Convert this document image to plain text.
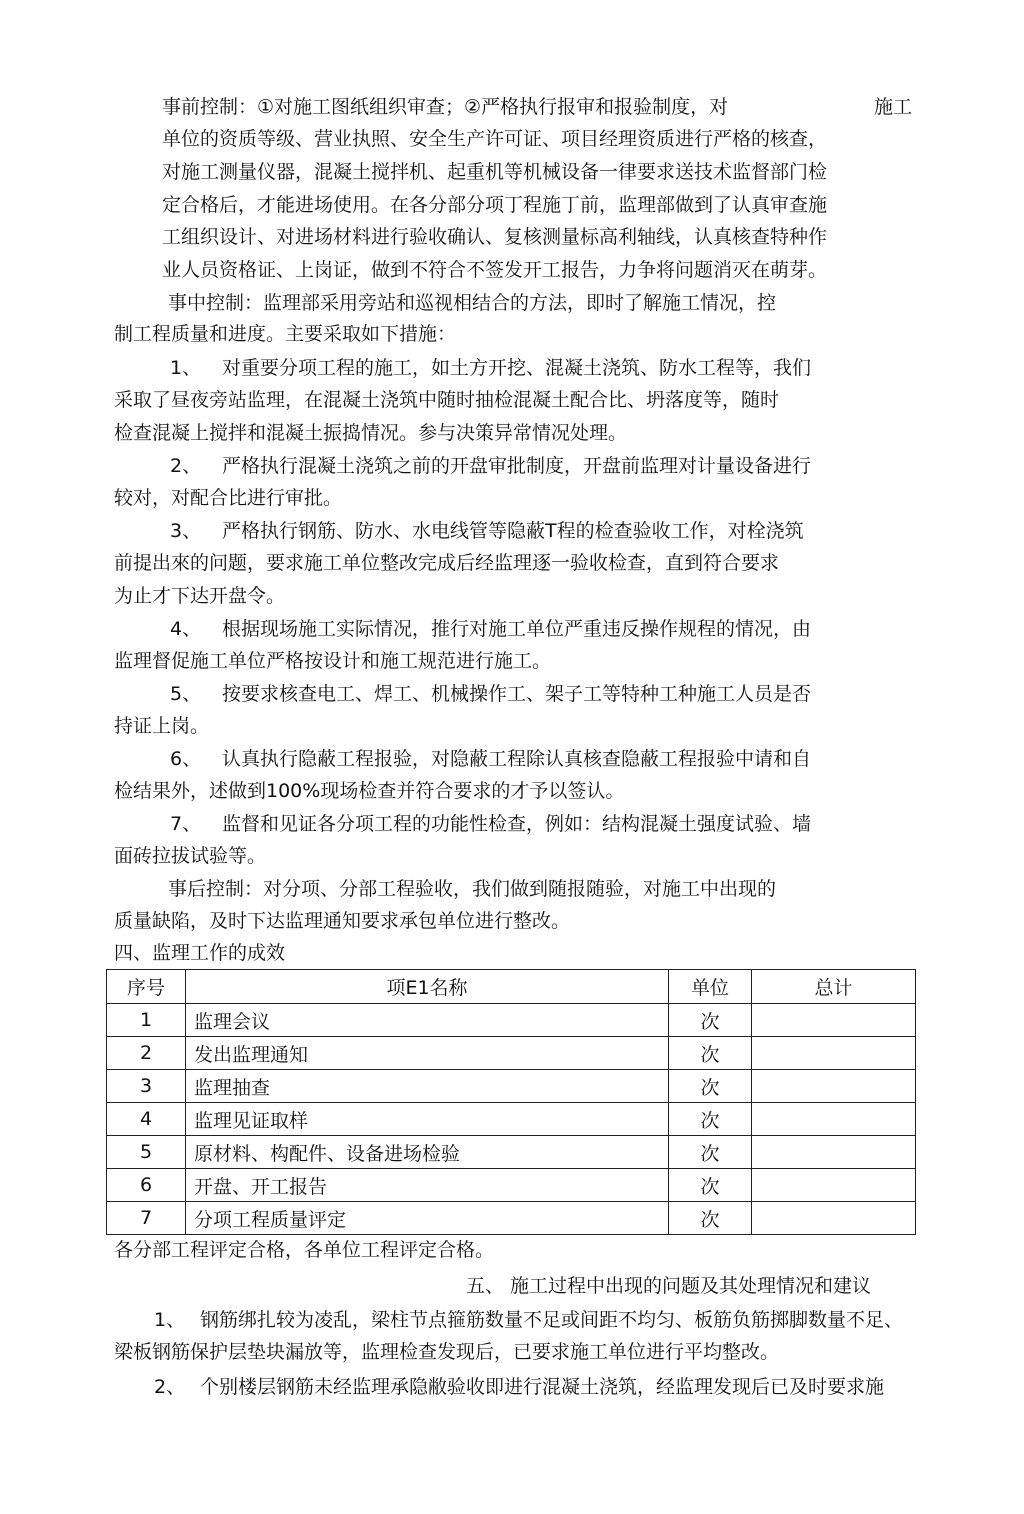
事前控制：①对施工图纸组织审查；②严格执行报审和报验制度，对	施工
单位的资质等级、营业执照、安全生产许可证、项目经理资质进行严格的核查，
对施工测量仪器，混凝土搅拌机、起重机等机械设备一律要求送技术监督部门检
定合格后，才能进场使用。在各分部分项丁程施丁前，监理部做到了认真审查施
工组织设计、对进场材料进行验收确认、复核测量标高利轴线，认真核查特种作
业人员资格证、上岗证，做到不符合不签发开工报告，力争将问题消灭在萌芽。
事中控制：监理部采用旁站和巡视相结合的方法，即时了解施工情况，控
制工程质量和进度。主要采取如下措施：
1、 对重要分项工程的施工，如土方开挖、混凝土浇筑、防水工程等，我们
采取了昼夜旁站监理，在混凝土浇筑中随时抽检混凝土配合比、坍落度等，随时
检查混凝上搅拌和混凝土振捣情况。参与决策异常情况处理。
2、 严格执行混凝土浇筑之前的开盘审批制度，开盘前监理对计量设备进行
较对，对配合比进行审批。
3、 严格执行钢筋、防水、水电线管等隐蔽T程的检查验收工作，对栓浇筑
前提出來的问题，要求施工单位整改完成后经监理逐一验收检查，直到符合要求
为止才下达开盘令。
4、 根据现场施工实际情况，推行对施工单位严重违反操作规程的情况，由
监理督促施工单位严格按设计和施工规范进行施工。
5、 按要求核查电工、焊工、机械操作工、架子工等特种工种施工人员是否
持证上岗。
6、 认真执行隐蔽工程报验，对隐蔽工程除认真核查隐蔽工程报验中请和自
检结果外，述做到100%现场检查并符合要求的才予以签认。
7、 监督和见证各分项工程的功能性检查，例如：结构混凝土强度试验、墙
面砖拉拔试验等。
事后控制：对分项、分部工程验收，我们做到随报随验，对施工中出现的
质量缺陷，及时下达监理通知要求承包单位进行整改。
四、监理工作的成效
序号	项E1名称	单位	总计
1	监理会议	次	
2	发出监理通知	次	
3	监理抽查	次	
4	监理见证取样	次	
5	原材料、构配件、设备进场检验	次	
6	开盘、开工报告	次	
7	分项工程质量评定	次	
各分部工程评定合格，各单位工程评定合格。
五、 施工过程中出现的问题及其处理情况和建议
1、 钢筋绑扎较为凌乱，梁柱节点箍筋数量不足或间距不均匀、板筋负筋掷脚数量不足、
梁板钢筋保护层垫块漏放等，监理检查发现后，已要求施工单位进行平均整改。
2、 个别楼层钢筋未经监理承隐敝验收即进行混凝土浇筑，经监理发现后已及时要求施
